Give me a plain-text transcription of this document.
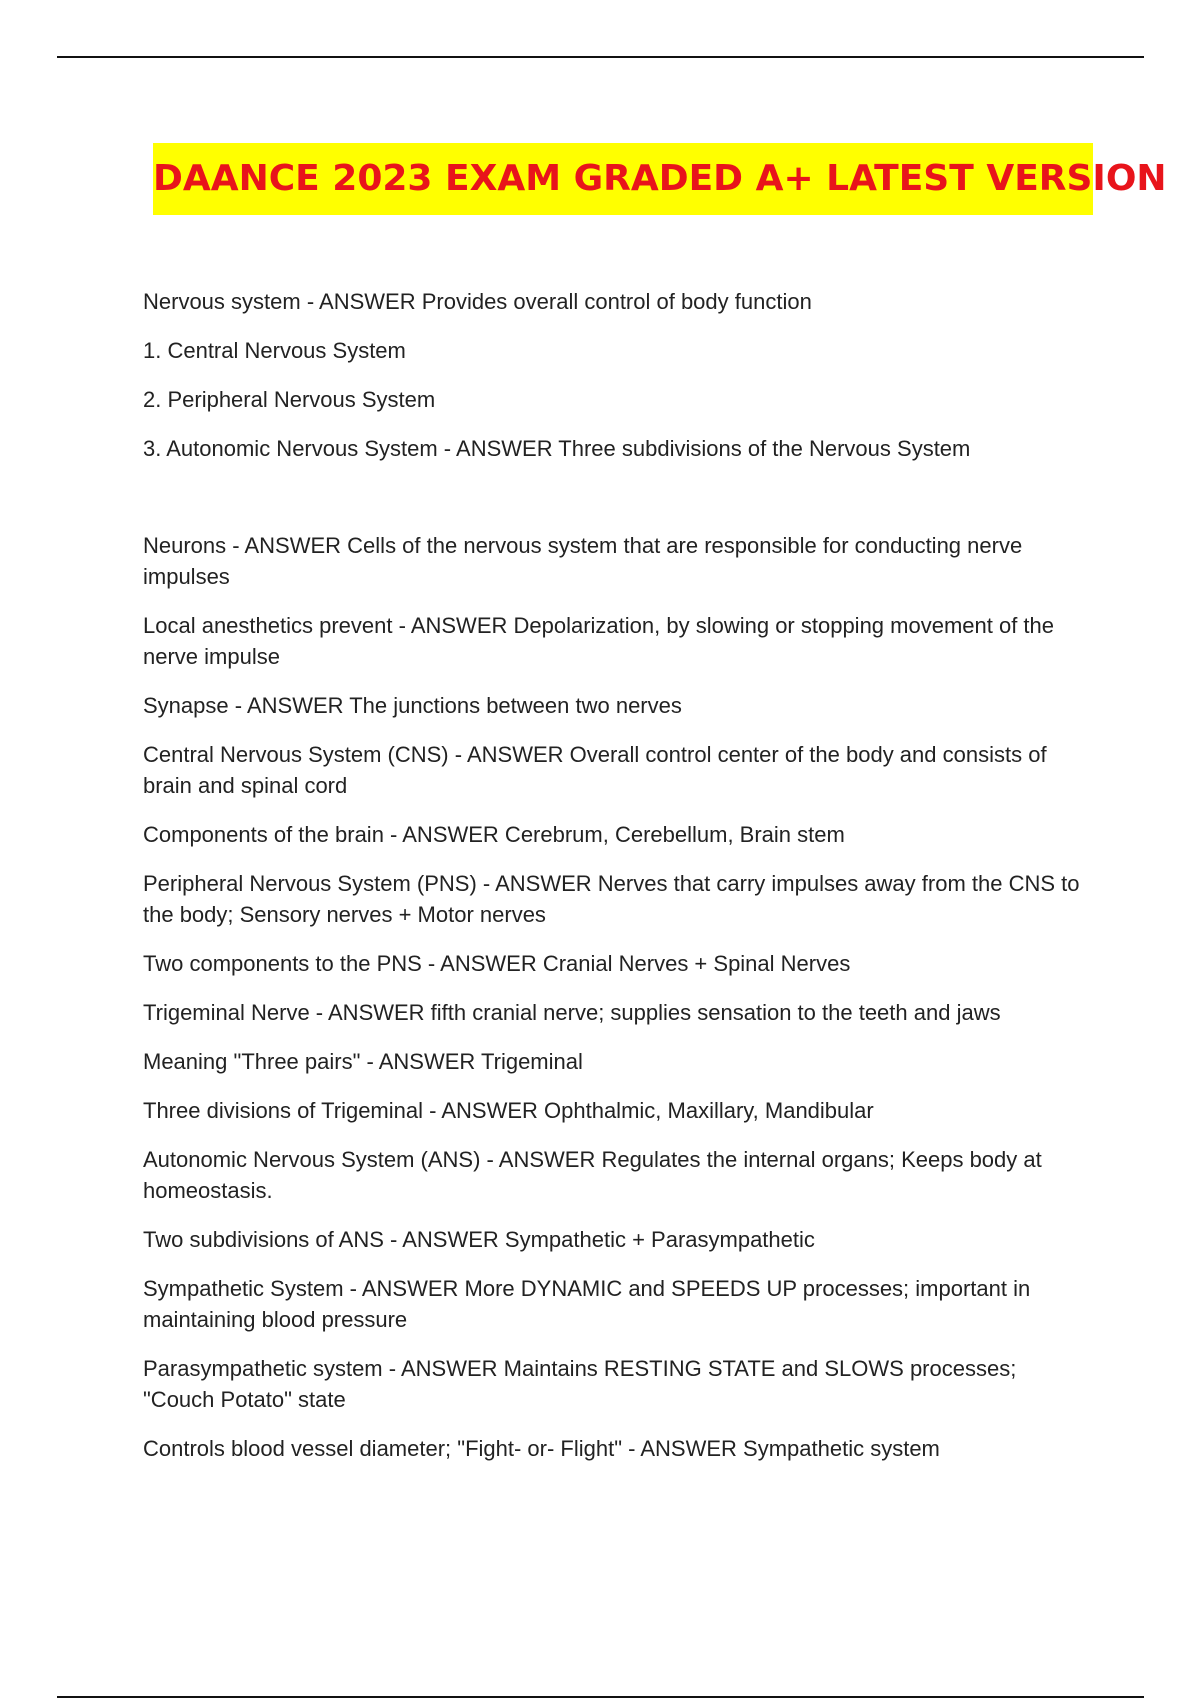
DAANCE 2023 EXAM GRADED A+ LATEST VERSION

Nervous system - ANSWER Provides overall control of body function

1. Central Nervous System

2. Peripheral Nervous System

3. Autonomic Nervous System - ANSWER Three subdivisions of the Nervous System

Neurons - ANSWER Cells of the nervous system that are responsible for conducting nerve impulses

Local anesthetics prevent - ANSWER Depolarization, by slowing or stopping movement of the nerve impulse

Synapse - ANSWER The junctions between two nerves

Central Nervous System (CNS) - ANSWER Overall control center of the body and consists of brain and spinal cord

Components of the brain - ANSWER Cerebrum, Cerebellum, Brain stem

Peripheral Nervous System (PNS) - ANSWER Nerves that carry impulses away from the CNS to the body; Sensory nerves + Motor nerves

Two components to the PNS - ANSWER Cranial Nerves + Spinal Nerves

Trigeminal Nerve - ANSWER fifth cranial nerve; supplies sensation to the teeth and jaws

Meaning "Three pairs" - ANSWER Trigeminal

Three divisions of Trigeminal - ANSWER Ophthalmic, Maxillary, Mandibular

Autonomic Nervous System (ANS) - ANSWER Regulates the internal organs; Keeps body at homeostasis.

Two subdivisions of ANS - ANSWER Sympathetic + Parasympathetic

Sympathetic System - ANSWER More DYNAMIC and SPEEDS UP processes; important in maintaining blood pressure

Parasympathetic system - ANSWER Maintains RESTING STATE and SLOWS processes; "Couch Potato" state

Controls blood vessel diameter; "Fight- or- Flight" - ANSWER Sympathetic system
